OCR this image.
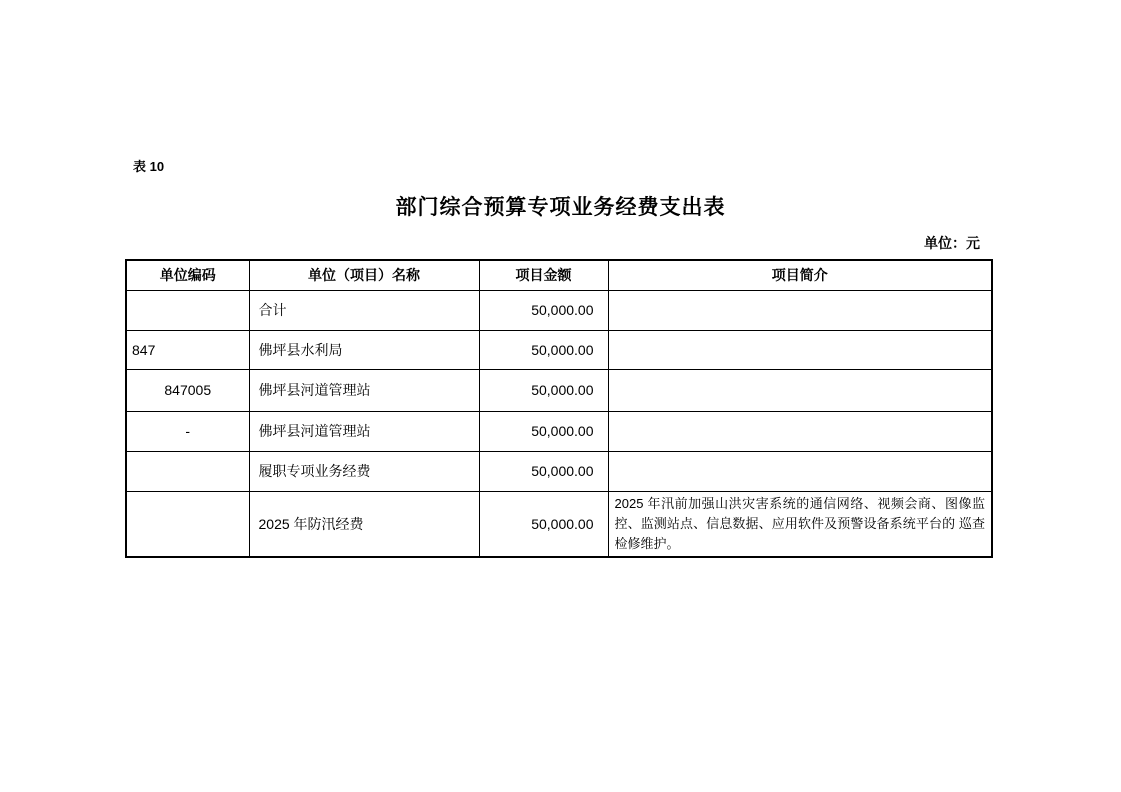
表 10
部门综合预算专项业务经费支出表
单位：元
单位编码	单位（项目）名称	项目金额	项目简介
	合计	50,000.00	
847	佛坪县水利局	50,000.00	
847005	佛坪县河道管理站	50,000.00	
-	佛坪县河道管理站	50,000.00	
	履职专项业务经费	50,000.00	
	2025 年防汛经费	50,000.00	2025 年汛前加强山洪灾害系统的通信网络、视频会商、图像监控、监测站点、信息数据、应用软件及预警设备系统平台的 巡查检修维护。
